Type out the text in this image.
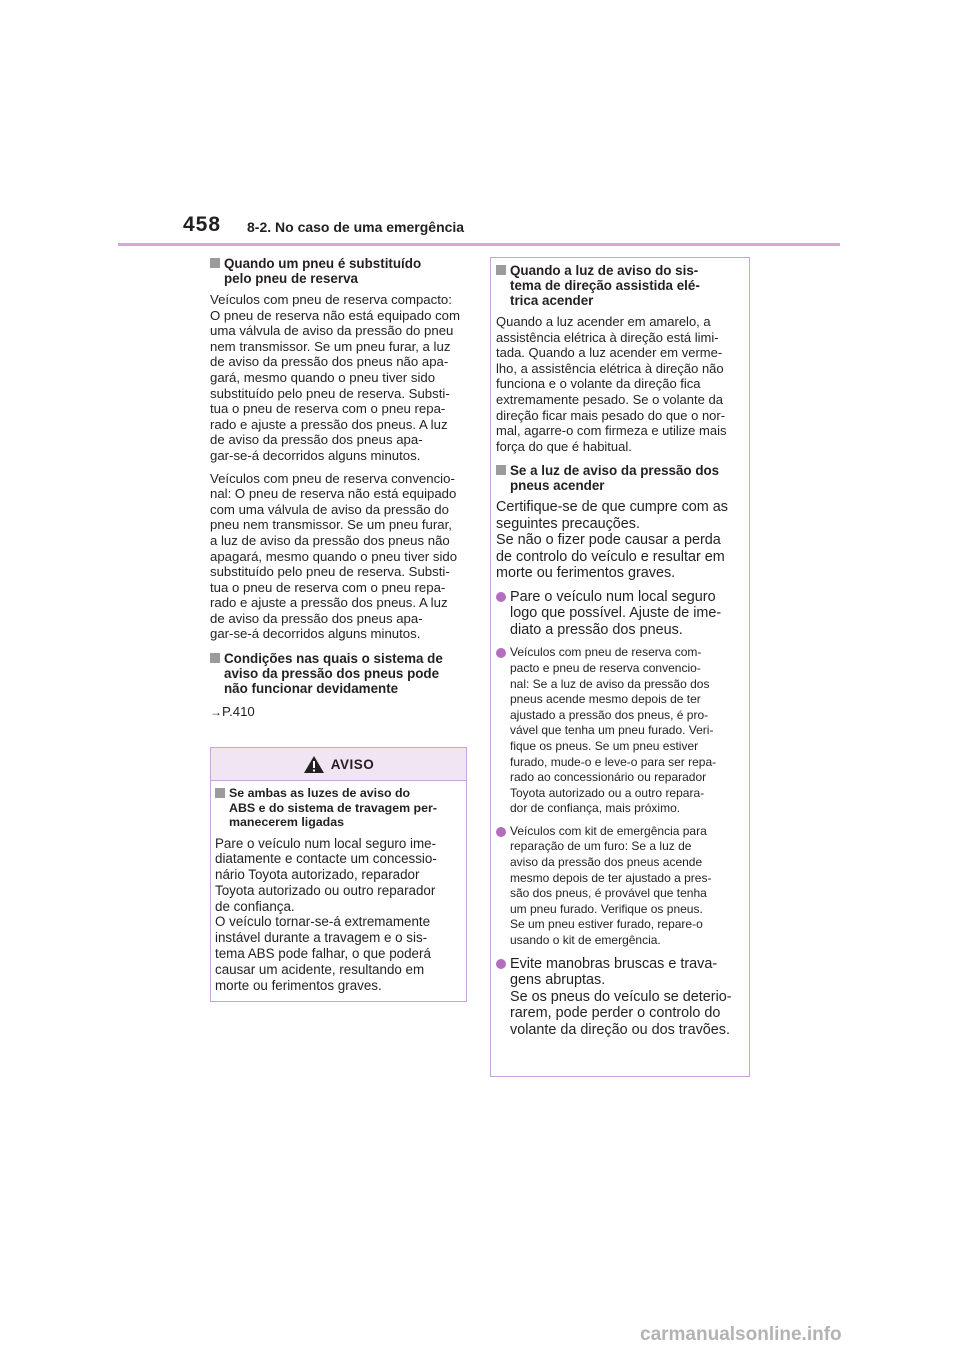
458 8-2. No caso de uma emergência
Quando um pneu é substituído
pelo pneu de reserva

Veículos com pneu de reserva compacto:
O pneu de reserva não está equipado com
uma válvula de aviso da pressão do pneu
nem transmissor. Se um pneu furar, a luz
de aviso da pressão dos pneus não apa-
gará, mesmo quando o pneu tiver sido
substituído pelo pneu de reserva. Substi-
tua o pneu de reserva com o pneu repa-
rado e ajuste a pressão dos pneus. A luz
de aviso da pressão dos pneus apa-
gar-se-á decorridos alguns minutos.

Veículos com pneu de reserva convencio-
nal: O pneu de reserva não está equipado
com uma válvula de aviso da pressão do
pneu nem transmissor. Se um pneu furar,
a luz de aviso da pressão dos pneus não
apagará, mesmo quando o pneu tiver sido
substituído pelo pneu de reserva. Substi-
tua o pneu de reserva com o pneu repa-
rado e ajuste a pressão dos pneus. A luz
de aviso da pressão dos pneus apa-
gar-se-á decorridos alguns minutos.

Condições nas quais o sistema de
aviso da pressão dos pneus pode
não funcionar devidamente
→P.410
AVISO
Se ambas as luzes de aviso do
ABS e do sistema de travagem per-
manecerem ligadas

Pare o veículo num local seguro ime-
diatamente e contacte um concessio-
nário Toyota autorizado, reparador
Toyota autorizado ou outro reparador
de confiança.
O veículo tornar-se-á extremamente
instável durante a travagem e o sis-
tema ABS pode falhar, o que poderá
causar um acidente, resultando em
morte ou ferimentos graves.

Quando a luz de aviso do sis-
tema de direção assistida elé-
trica acender

Quando a luz acender em amarelo, a
assistência elétrica à direção está limi-
tada. Quando a luz acender em verme-
lho, a assistência elétrica à direção não
funciona e o volante da direção fica
extremamente pesado. Se o volante da
direção ficar mais pesado do que o nor-
mal, agarre-o com firmeza e utilize mais
força do que é habitual.

Se a luz de aviso da pressão dos
pneus acender

Certifique-se de que cumpre com as
seguintes precauções.
Se não o fizer pode causar a perda
de controlo do veículo e resultar em
morte ou ferimentos graves.

Pare o veículo num local seguro
logo que possível. Ajuste de ime-
diato a pressão dos pneus.
Veículos com pneu de reserva com-
pacto e pneu de reserva convencio-
nal: Se a luz de aviso da pressão dos
pneus acende mesmo depois de ter
ajustado a pressão dos pneus, é pro-
vável que tenha um pneu furado. Veri-
fique os pneus. Se um pneu estiver
furado, mude-o e leve-o para ser repa-
rado ao concessionário ou reparador
Toyota autorizado ou a outro repara-
dor de confiança, mais próximo.
Veículos com kit de emergência para
reparação de um furo: Se a luz de
aviso da pressão dos pneus acende
mesmo depois de ter ajustado a pres-
são dos pneus, é provável que tenha
um pneu furado. Verifique os pneus.
Se um pneu estiver furado, repare-o
usando o kit de emergência.
Evite manobras bruscas e trava-
gens abruptas.
Se os pneus do veículo se deterio-
rarem, pode perder o controlo do
volante da direção ou dos travões.
carmanualsonline.info
